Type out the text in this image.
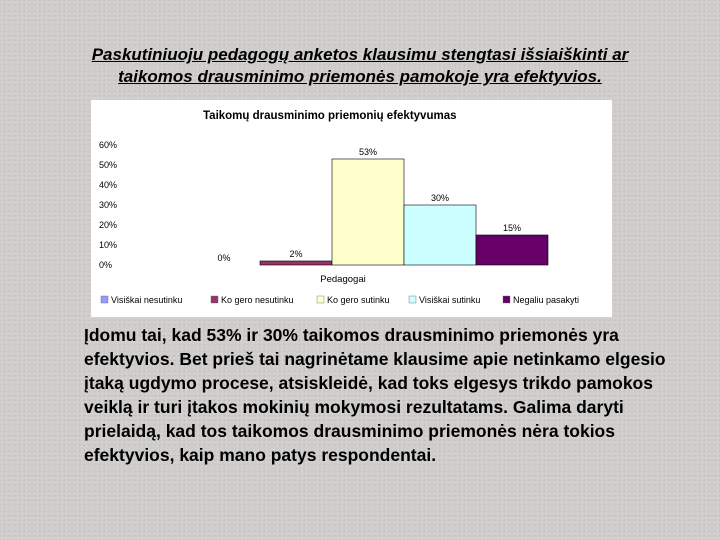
Paskutiniuoju pedagogų anketos klausimu stengtasi išsiaiškinti ar
taikomos drausminimo priemonės pamokoje yra efektyvios.
Taikomų drausminimo priemonių efektyvumas
60%
50%
40%
30%
20%
10%
0%
0%	2%
53%
30%
15%
Pedagogai
Visiškai nesutinku	Ko gero nesutinku	Ko gero sutinku	Visiškai sutinku	Negaliu pasakyti

Įdomu tai, kad 53% ir 30% taikomos drausminimo priemonės yra efektyvios. Bet prieš tai nagrinėtame klausime apie netinkamo elgesio įtaką ugdymo procese, atsiskleidė, kad toks elgesys trikdo pamokos veiklą ir turi įtakos mokinių mokymosi rezultatams. Galima daryti prielaidą, kad tos taikomos drausminimo priemonės nėra tokios efektyvios, kaip mano patys respondentai.
